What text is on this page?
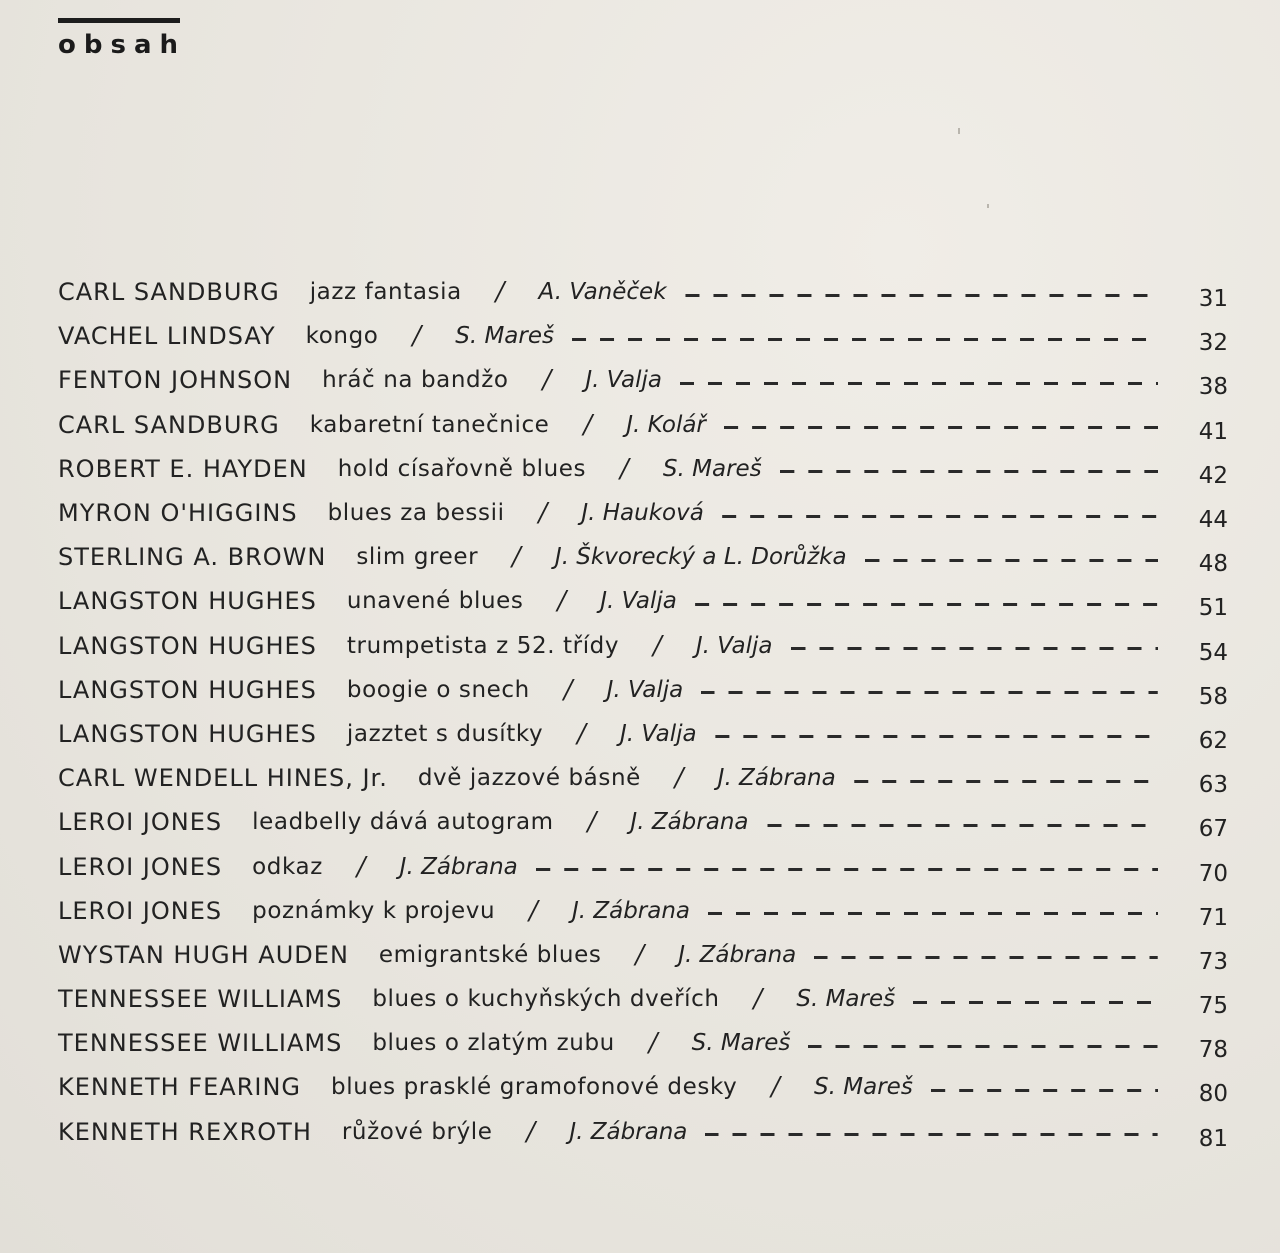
obsah
CARL SANDBURG jazz fantasia / A. Vaněček	31
VACHEL LINDSAY kongo / S. Mareš	32
FENTON JOHNSON hráč na bandžo / J. Valja	38
CARL SANDBURG kabaretní tanečnice / J. Kolář	41
ROBERT E. HAYDEN hold císařovně blues / S. Mareš	42
MYRON O'HIGGINS blues za bessii / J. Hauková	44
STERLING A. BROWN slim greer / J. Škvorecký a L. Dorůžka	48
LANGSTON HUGHES unavené blues / J. Valja	51
LANGSTON HUGHES trumpetista z 52. třídy / J. Valja	54
LANGSTON HUGHES boogie o snech / J. Valja	58
LANGSTON HUGHES jazztet s dusítky / J. Valja	62
CARL WENDELL HINES, Jr. dvě jazzové básně / J. Zábrana	63
LEROI JONES leadbelly dává autogram / J. Zábrana	67
LEROI JONES odkaz / J. Zábrana	70
LEROI JONES poznámky k projevu / J. Zábrana	71
WYSTAN HUGH AUDEN emigrantské blues / J. Zábrana	73
TENNESSEE WILLIAMS blues o kuchyňských dveřích / S. Mareš	75
TENNESSEE WILLIAMS blues o zlatým zubu / S. Mareš	78
KENNETH FEARING blues prasklé gramofonové desky / S. Mareš	80
KENNETH REXROTH růžové brýle / J. Zábrana	81
